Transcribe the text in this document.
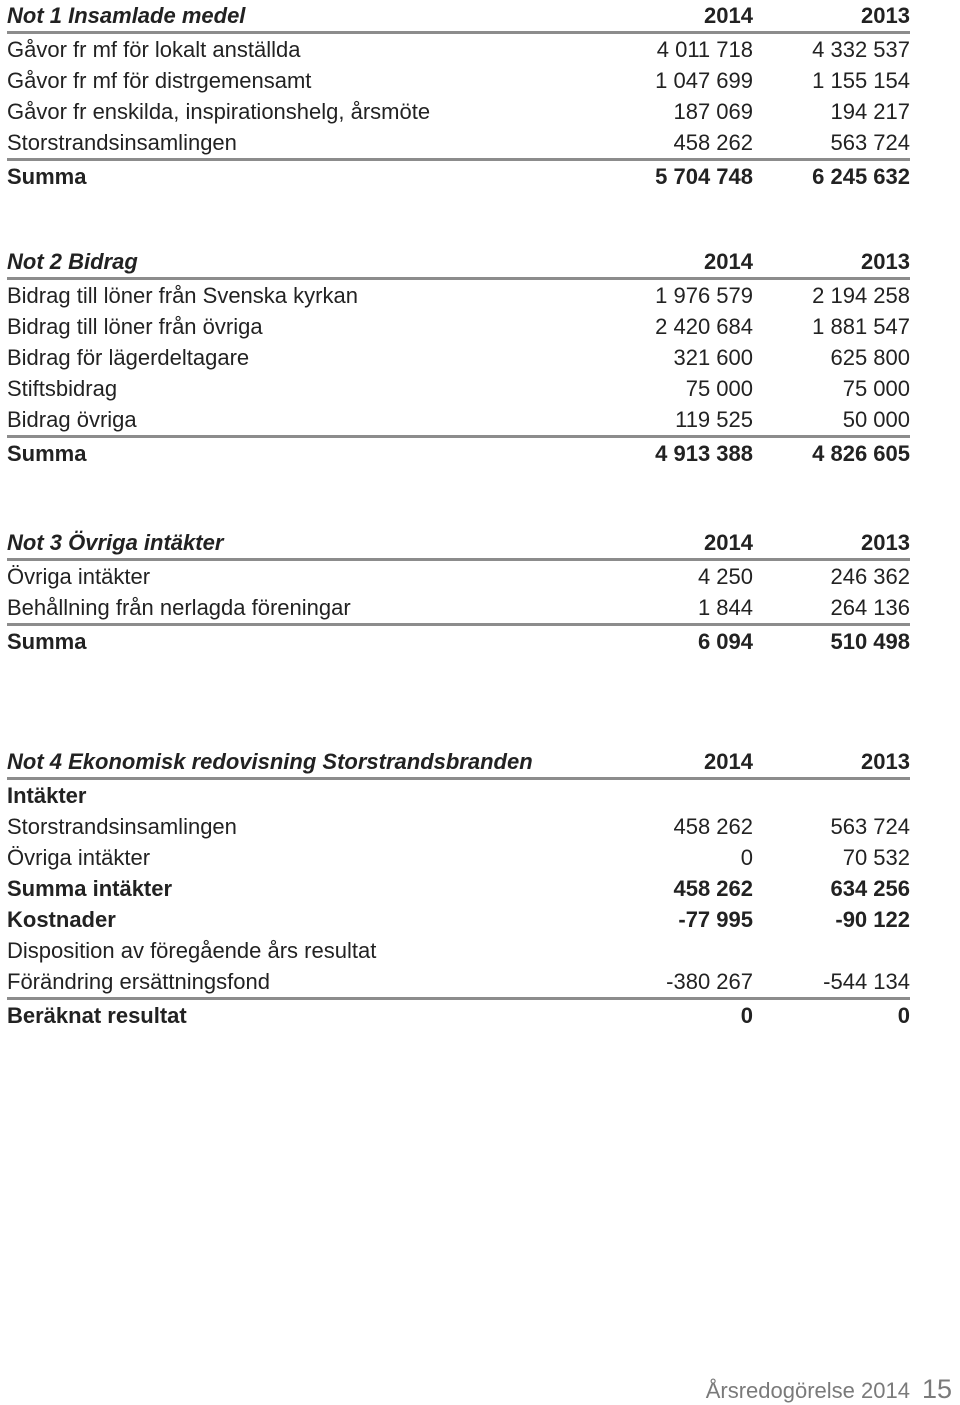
Not 1 Insamlade medel	2014	2013
Gåvor fr mf för lokalt anställda	4 011 718	4 332 537
Gåvor fr mf för distrgemensamt	1 047 699	1 155 154
Gåvor fr enskilda, inspirationshelg, årsmöte	187 069	194 217
Storstrandsinsamlingen	458 262	563 724
Summa	5 704 748	6 245 632
Not 2 Bidrag	2014	2013
Bidrag till löner från Svenska kyrkan	1 976 579	2 194 258
Bidrag till löner från övriga	2 420 684	1 881 547
Bidrag för lägerdeltagare	321 600	625 800
Stiftsbidrag	75 000	75 000
Bidrag övriga	119 525	50 000
Summa	4 913 388	4 826 605
Not 3 Övriga intäkter	2014	2013
Övriga intäkter	4 250	246 362
Behållning från nerlagda föreningar	1 844	264 136
Summa	6 094	510 498
Not 4 Ekonomisk redovisning Storstrandsbranden	2014	2013
Intäkter		
Storstrandsinsamlingen	458 262	563 724
Övriga intäkter	0	70 532
Summa intäkter	458 262	634 256
Kostnader	-77 995	-90 122
Disposition av föregående års resultat		
Förändring ersättningsfond	-380 267	-544 134
Beräknat resultat	0	0
Årsredogörelse 2014 15
